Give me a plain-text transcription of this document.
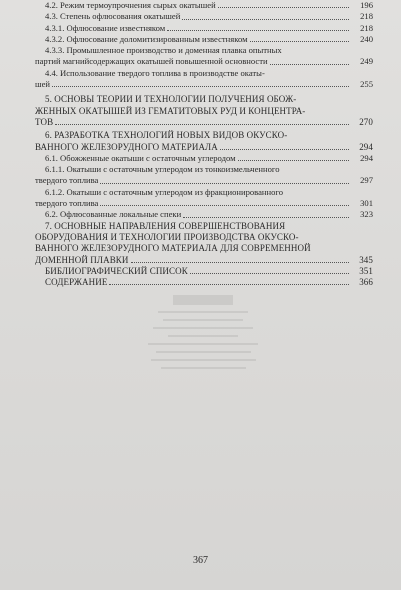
4.2. Режим термоупрочнения сырых окатышей	196
4.3. Степень офлюсования окатышей	218
4.3.1. Офлюсование известняком	218
4.3.2. Офлюсование доломитизированным известняком	240
4.3.3. Промышленное производство и доменная плавка опытных
партий магнийсодержащих окатышей повышенной основности	249
4.4. Использование твердого топлива в производстве окаты-
шей	255
5. ОСНОВЫ ТЕОРИИ И ТЕХНОЛОГИИ ПОЛУЧЕНИЯ ОБОЖ-
ЖЕННЫХ ОКАТЫШЕЙ ИЗ ГЕМАТИТОВЫХ РУД И КОНЦЕНТРА-
ТОВ	270
6. РАЗРАБОТКА ТЕХНОЛОГИЙ НОВЫХ ВИДОВ ОКУСКО-
ВАННОГО ЖЕЛЕЗОРУДНОГО МАТЕРИАЛА	294
6.1. Обожженные окатыши с остаточным углеродом	294
6.1.1. Окатыши с остаточным углеродом из тонкоизмельченного
твердого топлива	297
6.1.2. Окатыши с остаточным углеродом из фракционированного
твердого топлива	301
6.2. Офлюсованные локальные спеки	323
7. ОСНОВНЫЕ НАПРАВЛЕНИЯ СОВЕРШЕНСТВОВАНИЯ
ОБОРУДОВАНИЯ И ТЕХНОЛОГИИ ПРОИЗВОДСТВА ОКУСКО-
ВАННОГО ЖЕЛЕЗОРУДНОГО МАТЕРИАЛА ДЛЯ СОВРЕМЕННОЙ
ДОМЕННОЙ ПЛАВКИ	345
БИБЛИОГРАФИЧЕСКИЙ СПИСОК	351
СОДЕРЖАНИЕ	366
367
